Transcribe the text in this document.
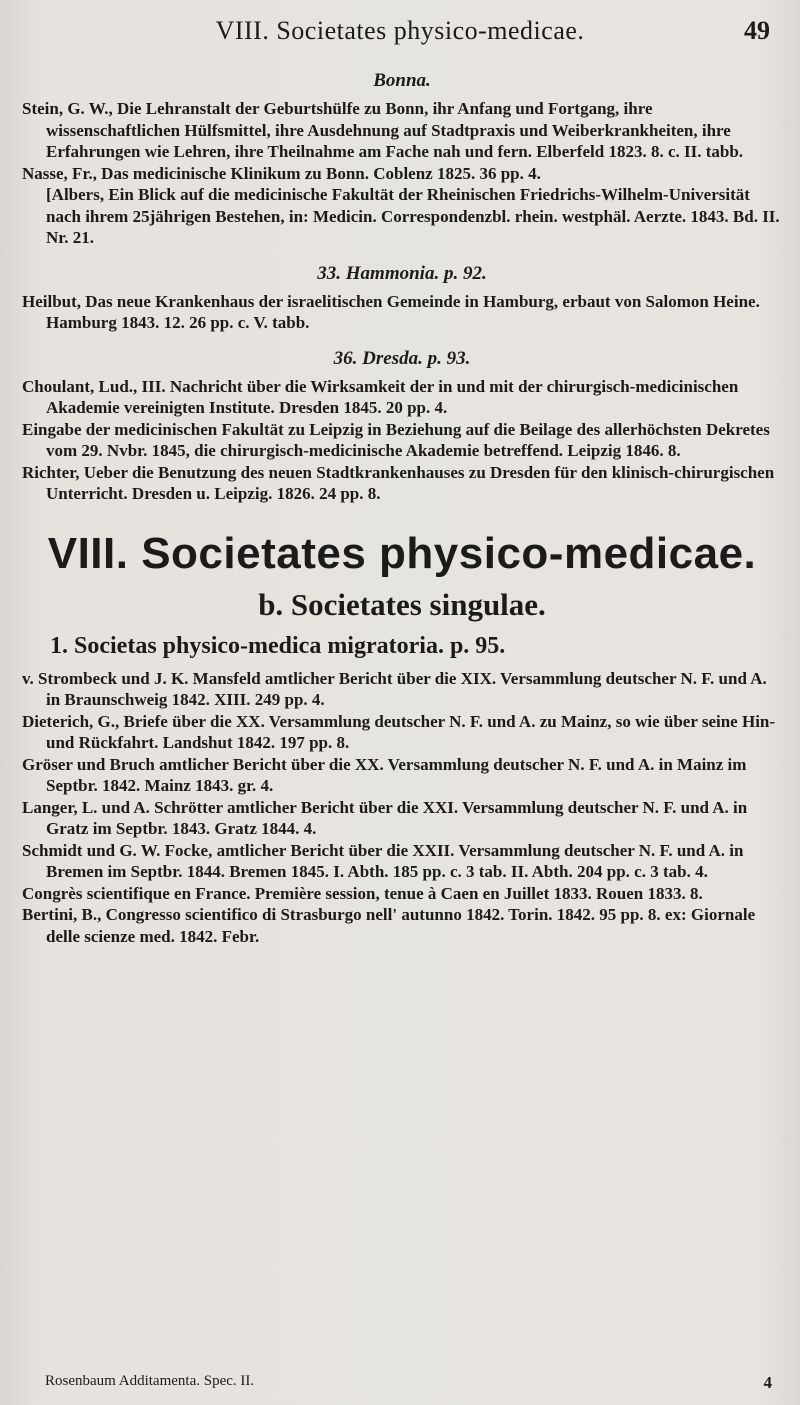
VIII. Societates physico-medicae.	49
Bonna.

Stein, G. W., Die Lehranstalt der Geburtshülfe zu Bonn, ihr Anfang und Fortgang, ihre wissenschaftlichen Hülfsmittel, ihre Ausdehnung auf Stadtpraxis und Weiberkrankheiten, ihre Erfahrungen wie Lehren, ihre Theilnahme am Fache nah und fern. Elberfeld 1823. 8. c. II. tabb.

Nasse, Fr., Das medicinische Klinikum zu Bonn. Coblenz 1825. 36 pp. 4.

[Albers, Ein Blick auf die medicinische Fakultät der Rheinischen Friedrichs-Wilhelm-Universität nach ihrem 25jährigen Bestehen, in: Medicin. Correspondenzbl. rhein. westphäl. Aerzte. 1843. Bd. II. Nr. 21.

33. Hammonia. p. 92.

Heilbut, Das neue Krankenhaus der israelitischen Gemeinde in Hamburg, erbaut von Salomon Heine. Hamburg 1843. 12. 26 pp. c. V. tabb.

36. Dresda. p. 93.

Choulant, Lud., III. Nachricht über die Wirksamkeit der in und mit der chirurgisch-medicinischen Akademie vereinigten Institute. Dresden 1845. 20 pp. 4.

Eingabe der medicinischen Fakultät zu Leipzig in Beziehung auf die Beilage des allerhöchsten Dekretes vom 29. Nvbr. 1845, die chirurgisch-medicinische Akademie betreffend. Leipzig 1846. 8.

Richter, Ueber die Benutzung des neuen Stadtkrankenhauses zu Dresden für den klinisch-chirurgischen Unterricht. Dresden u. Leipzig. 1826. 24 pp. 8.

VIII. Societates physico-medicae.
b. Societates singulae.
1. Societas physico-medica migratoria. p. 95.

v. Strombeck und J. K. Mansfeld amtlicher Bericht über die XIX. Versammlung deutscher N. F. und A. in Braunschweig 1842. XIII. 249 pp. 4.

Dieterich, G., Briefe über die XX. Versammlung deutscher N. F. und A. zu Mainz, so wie über seine Hin- und Rückfahrt. Landshut 1842. 197 pp. 8.

Gröser und Bruch amtlicher Bericht über die XX. Versammlung deutscher N. F. und A. in Mainz im Septbr. 1842. Mainz 1843. gr. 4.

Langer, L. und A. Schrötter amtlicher Bericht über die XXI. Versammlung deutscher N. F. und A. in Gratz im Septbr. 1843. Gratz 1844. 4.

Schmidt und G. W. Focke, amtlicher Bericht über die XXII. Versammlung deutscher N. F. und A. in Bremen im Septbr. 1844. Bremen 1845. I. Abth. 185 pp. c. 3 tab. II. Abth. 204 pp. c. 3 tab. 4.

Congrès scientifique en France. Première session, tenue à Caen en Juillet 1833. Rouen 1833. 8.

Bertini, B., Congresso scientifico di Strasburgo nell' autunno 1842. Torin. 1842. 95 pp. 8. ex: Giornale delle scienze med. 1842. Febr.

Rosenbaum Additamenta. Spec. II.	4
